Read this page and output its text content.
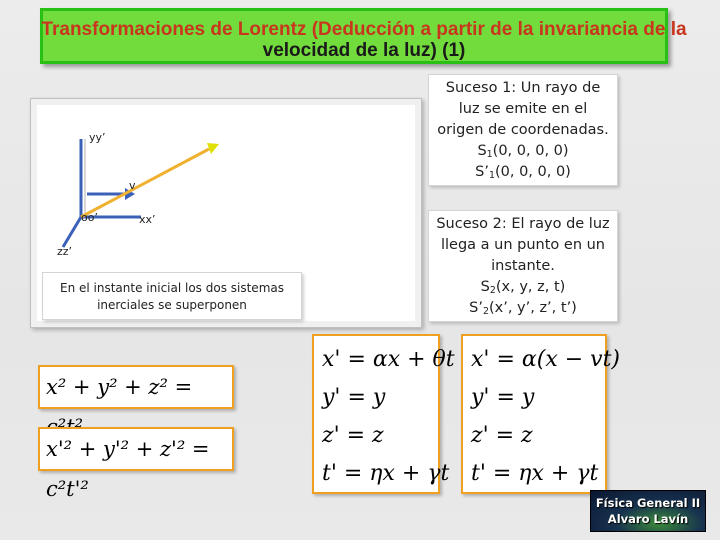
Transformaciones de Lorentz (Deducción a partir de la invariancia de la
velocidad de la luz) (1)
yy’
v
oo’	xx’
zz’
En el instante inicial los dos sistemas inerciales se superponen
Suceso 1: Un rayo de
luz se emite en el
origen de coordenadas.
$S_1(0$, 0, 0, 0)
$S’_1(0$, 0, 0, 0)
Suceso 2: El rayo de luz
llega a un punto en un
instante.
$S_2(x$, y, z, t)
$S’_2(x$’, y’, z’, t’)
x² + y² + z² =
x'² + y'² + z'² = c²t'²
x' = αx + θt
y' = y
z' = z
t' = ηx + γt
x' = α(x − vt)
y' = y
z' = z
t' = ηx + γt
Física General II
Alvaro Lavín
